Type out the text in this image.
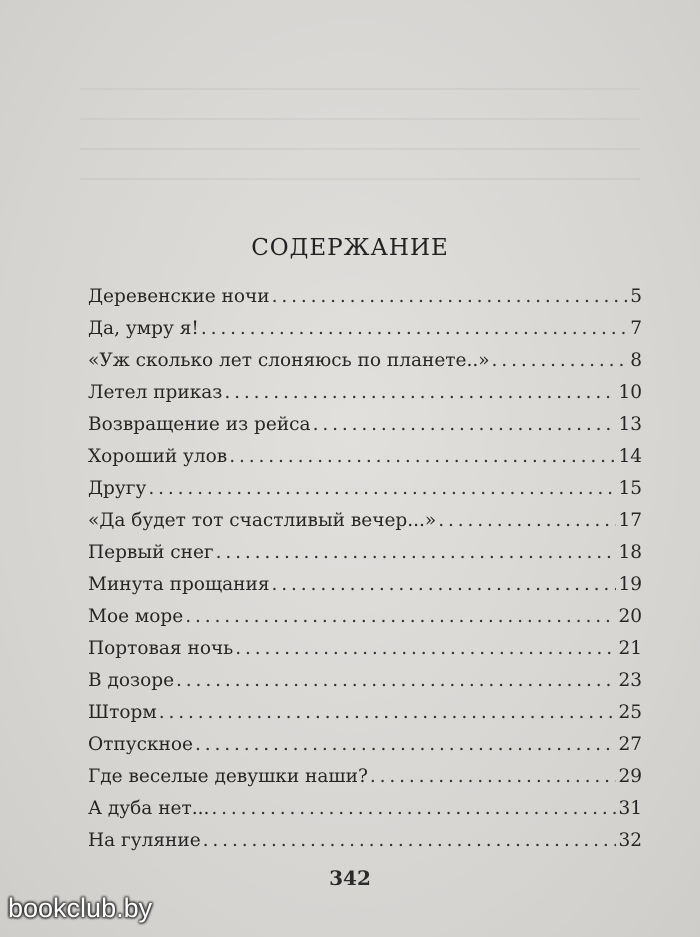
СОДЕРЖАНИЕ
Деревенские ночи . . .	5
Да, умру я! . . .	7
«Уж сколько лет слоняюсь по планете..» . . .	8
Летел приказ . . .	10
Возвращение из рейса . . .	13
Хороший улов . . .	14
Другу . . .	15
«Да будет тот счастливый вечер...» . . .	17
Первый снег . . .	18
Минута прощания . . .	19
Мое море . . .	20
Портовая ночь . . .	21
В дозоре . . .	23
Шторм . . .	25
Отпускное . . .	27
Где веселые девушки наши? . . .	29
А дуба нет... . . .	31
На гуляние . . .	32
342
bookclub.by
